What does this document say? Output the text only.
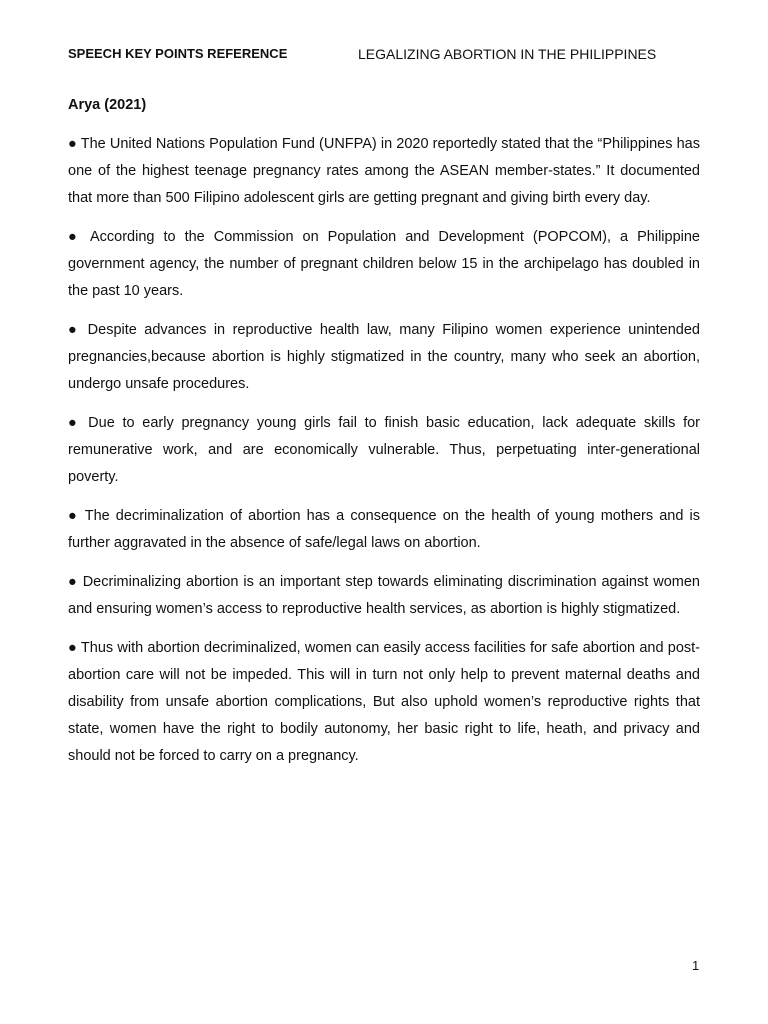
SPEECH KEY POINTS REFERENCE	LEGALIZING ABORTION IN THE PHILIPPINES
Arya (2021)

● The United Nations Population Fund (UNFPA) in 2020 reportedly stated that the “Philippines has one of the highest teenage pregnancy rates among the ASEAN member-states.” It documented that more than 500 Filipino adolescent girls are getting pregnant and giving birth every day.

● According to the Commission on Population and Development (POPCOM), a Philippine government agency, the number of pregnant children below 15 in the archipelago has doubled in the past 10 years.

● Despite advances in reproductive health law, many Filipino women experience unintended pregnancies,because abortion is highly stigmatized in the country, many who seek an abortion, undergo unsafe procedures.

● Due to early pregnancy young girls fail to finish basic education, lack adequate skills for remunerative work, and are economically vulnerable. Thus, perpetuating inter-generational poverty.

● The decriminalization of abortion has a consequence on the health of young mothers and is further aggravated in the absence of safe/legal laws on abortion.

● Decriminalizing abortion is an important step towards eliminating discrimination against women and ensuring women’s access to reproductive health services, as abortion is highly stigmatized.

● Thus with abortion decriminalized, women can easily access facilities for safe abortion and post-abortion care will not be impeded. This will in turn not only help to prevent maternal deaths and disability from unsafe abortion complications, But also uphold women’s reproductive rights that state, women have the right to bodily autonomy, her basic right to life, heath, and privacy and should not be forced to carry on a pregnancy.

1
